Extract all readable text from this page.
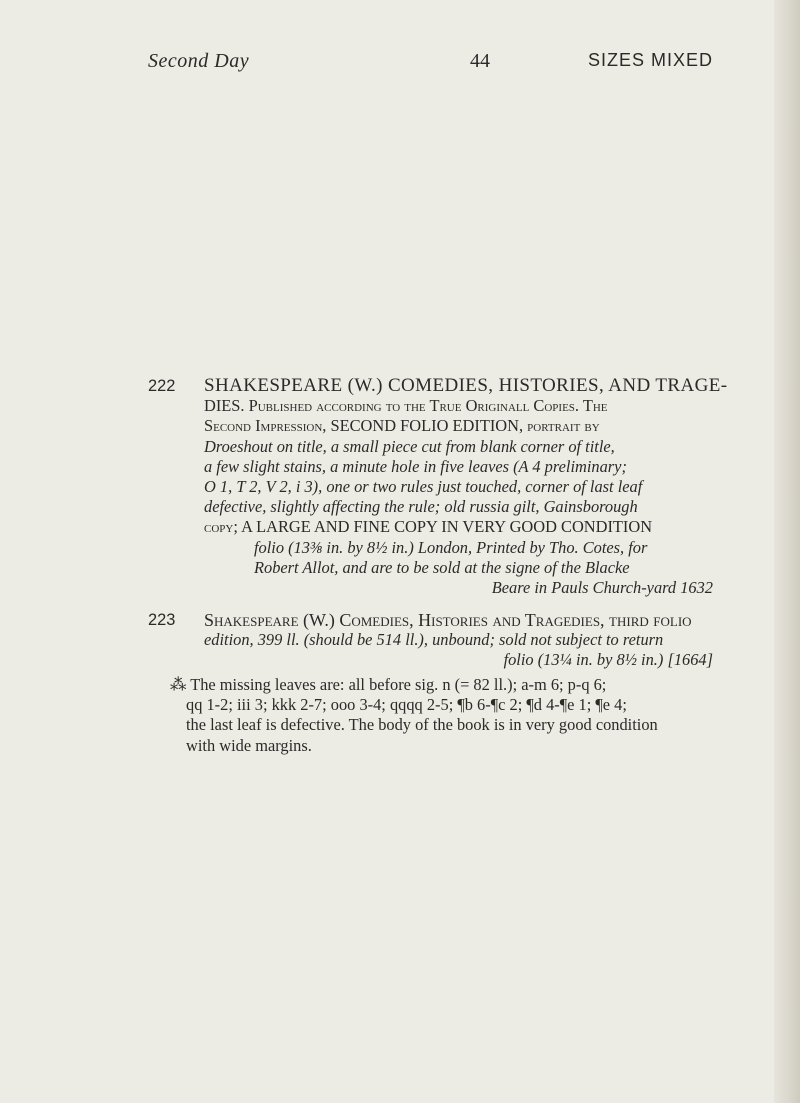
Second Day	44	SIZES MIXED
222	SHAKESPEARE (W.) COMEDIES, HISTORIES, AND TRAGE-
DIES. Published according to the True Originall Copies. The
Second Impression, SECOND FOLIO EDITION, portrait by
Droeshout on title, a small piece cut from blank corner of title,
a few slight stains, a minute hole in five leaves (A 4 preliminary;
O 1, T 2, V 2, i 3), one or two rules just touched, corner of last leaf
defective, slightly affecting the rule; old russia gilt, Gainsborough
copy; A LARGE AND FINE COPY IN VERY GOOD CONDITION
folio (13⅜ in. by 8½ in.) London, Printed by Tho. Cotes, for
Robert Allot, and are to be sold at the signe of the Blacke
Beare in Pauls Church-yard 1632
223	Shakespeare (W.) Comedies, Histories and Tragedies, third folio
edition, 399 ll. (should be 514 ll.), unbound; sold not subject to return
folio (13¼ in. by 8½ in.) [1664]
⁂ The missing leaves are: all before sig. n (= 82 ll.); a-m 6; p-q 6;
qq 1-2; iii 3; kkk 2-7; ooo 3-4; qqqq 2-5; ¶b 6-¶c 2; ¶d 4-¶e 1; ¶e 4;
the last leaf is defective. The body of the book is in very good condition
with wide margins.
